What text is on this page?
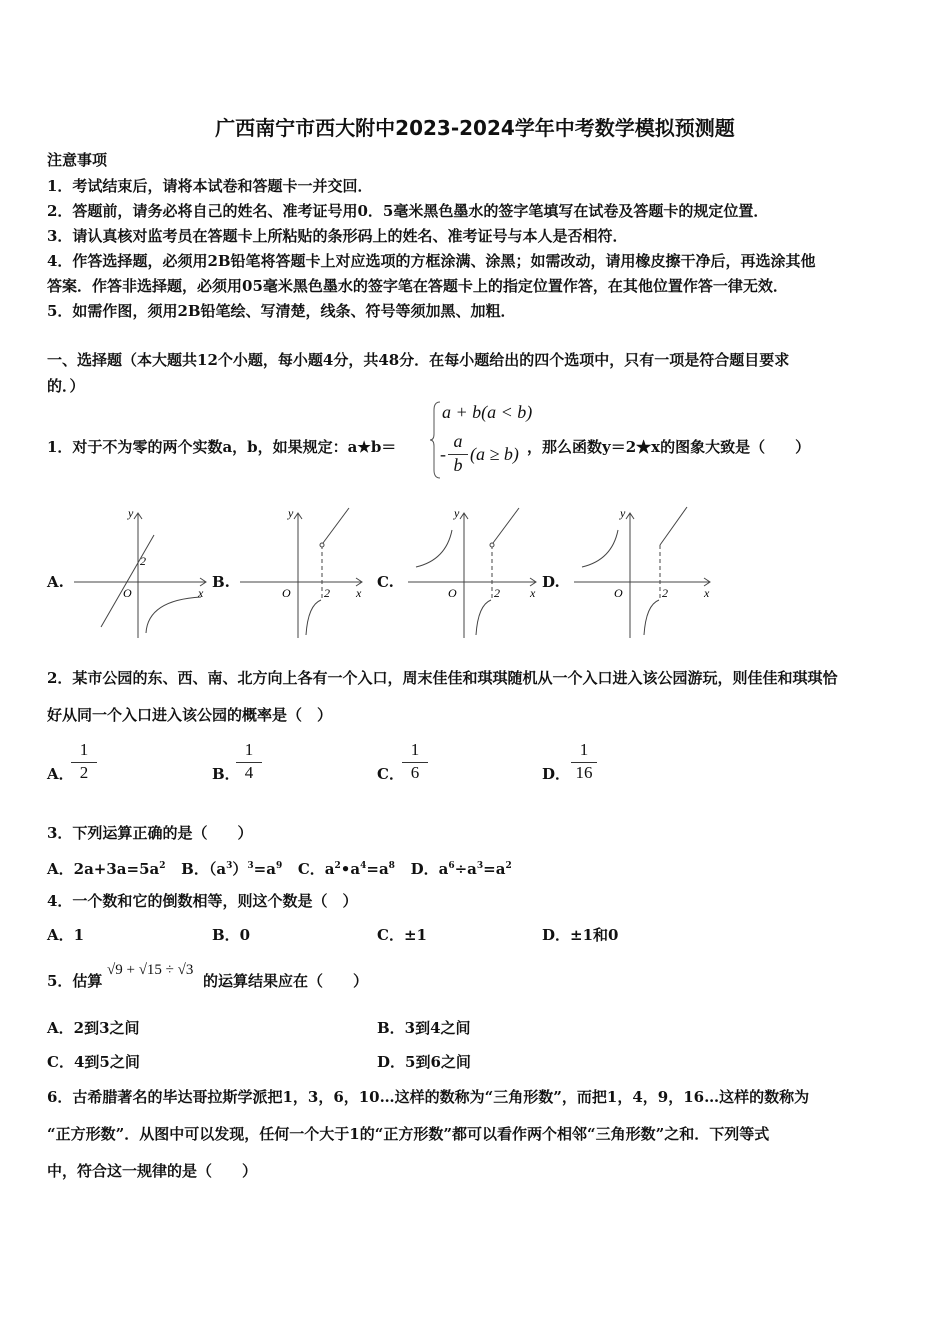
广西南宁市西大附中2023-2024学年中考数学模拟预测题
注意事项
1．考试结束后，请将本试卷和答题卡一并交回．
2．答题前，请务必将自己的姓名、准考证号用0．5毫米黑色墨水的签字笔填写在试卷及答题卡的规定位置．
3．请认真核对监考员在答题卡上所粘贴的条形码上的姓名、准考证号与本人是否相符．
4．作答选择题，必须用2B铅笔将答题卡上对应选项的方框涂满、涂黑；如需改动，请用橡皮擦干净后，再选涂其他
答案．作答非选择题，必须用05毫米黑色墨水的签字笔在答题卡上的指定位置作答，在其他位置作答一律无效．
5．如需作图，须用2B铅笔绘、写清楚，线条、符号等须加黑、加粗．
一、选择题（本大题共12个小题，每小题4分，共48分．在每小题给出的四个选项中，只有一项是符合题目要求
的．）
1．对于不为零的两个实数a，b，如果规定：a★b＝
a + b(a < b)
- $\frac{a}{b} (a \ge b)$ ，那么函数y＝2★x的图象大致是（　　）
A.	B.	C.	D.
y
x
O
2
y
x
O	2
y
x
O	2
y
x
O	2
2．某市公园的东、西、南、北方向上各有一个入口，周末佳佳和琪琪随机从一个入口进入该公园游玩，则佳佳和琪琪恰
好从同一个入口进入该公园的概率是（　）
A．
$\frac{1}{2}$	B．
$\frac{1}{4}$	C．
$\frac{1}{6}$	D． $\frac{1}{16}$
3．下列运算正确的是（　　）
A．$2a+3a=5a^2$   B．$(a^3)^3=a^9$   C．$a^2•a^4=a^8$   D．$a^6\div a^3=a^2$
4．一个数和它的倒数相等，则这个数是（　）
A．1	B．0	C．±1	D．±1和0
5．估算
√9 + √15 ÷ √3
的运算结果应在（　　）
A．2到3之间	B．3到4之间
C．4到5之间	D．5到6之间
6．古希腊著名的毕达哥拉斯学派把1，3，6，10…这样的数称为“三角形数”，而把1，4，9，16…这样的数称为
“正方形数”．从图中可以发现，任何一个大于1的“正方形数”都可以看作两个相邻“三角形数”之和．下列等式
中，符合这一规律的是（　　）
